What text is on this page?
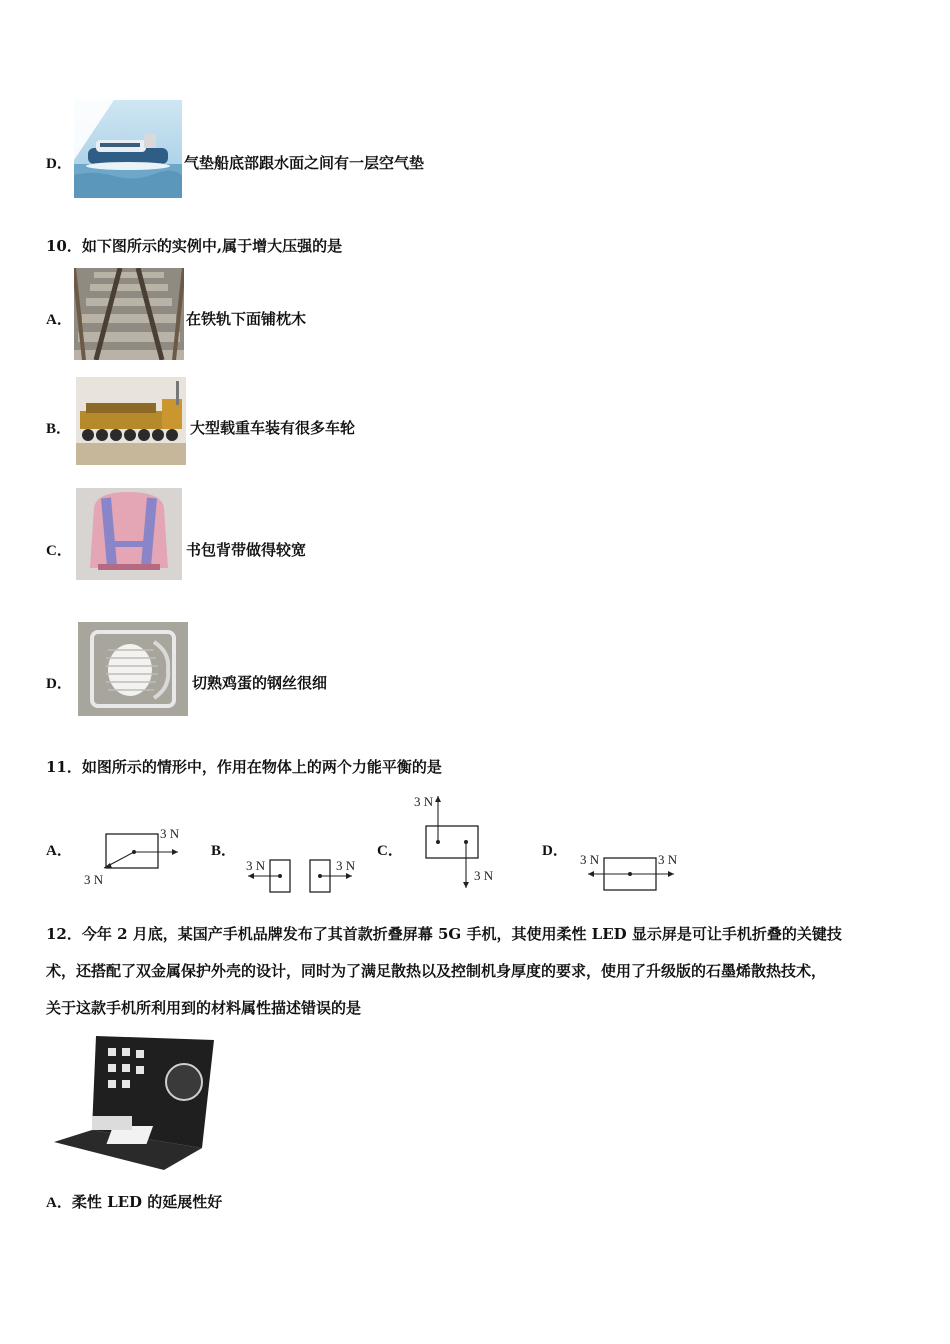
D．	气垫船底部跟水面之间有一层空气垫
10．如下图所示的实例中,属于增大压强的是
A．	在铁轨下面铺枕木
B．	大型载重车装有很多车轮
C．	书包背带做得较宽
D．	切熟鸡蛋的钢丝很细
11．如图所示的情形中，作用在物体上的两个力能平衡的是
A．
3 N
3 N
B．
3 N	3 N
C．
3 N
3 N
D．
3 N	3 N
12．今年 2 月底，某国产手机品牌发布了其首款折叠屏幕 5G 手机，其使用柔性 LED 显示屏是可让手机折叠的关键技
术，还搭配了双金属保护外壳的设计，同时为了满足散热以及控制机身厚度的要求，使用了升级版的石墨烯散热技术，
关于这款手机所利用到的材料属性描述错误的是
A．柔性 LED 的延展性好
